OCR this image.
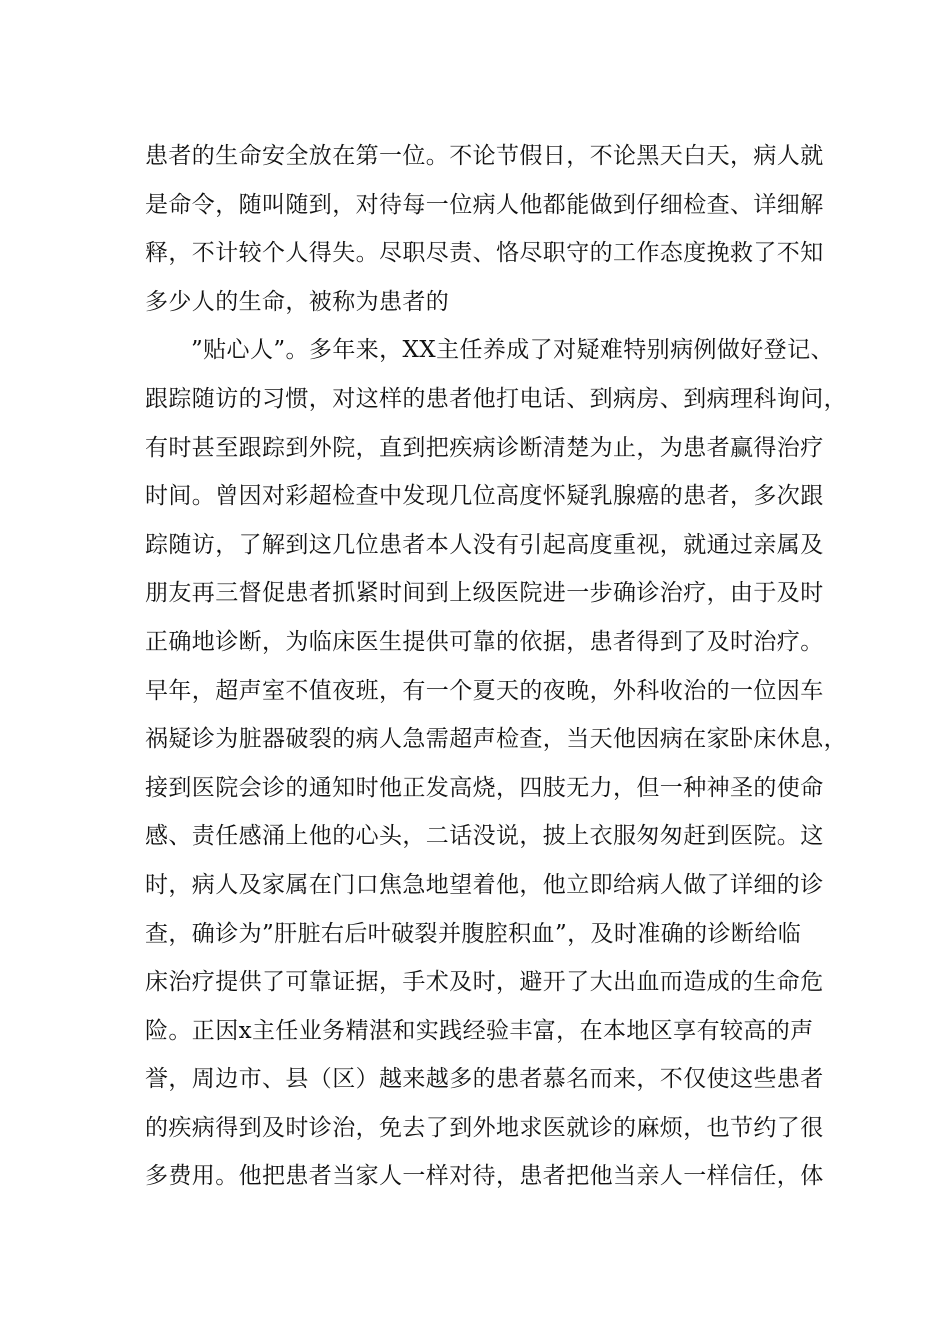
患者的生命安全放在第一位。不论节假日，不论黑天白天，病人就
是命令，随叫随到，对待每一位病人他都能做到仔细检查、详细解
释，不计较个人得失。尽职尽责、恪尽职守的工作态度挽救了不知
多少人的生命，被称为患者的
”贴心人”。多年来，XX主任养成了对疑难特别病例做好登记、
跟踪随访的习惯，对这样的患者他打电话、到病房、到病理科询问，
有时甚至跟踪到外院，直到把疾病诊断清楚为止，为患者赢得治疗
时间。曾因对彩超检查中发现几位高度怀疑乳腺癌的患者，多次跟
踪随访，了解到这几位患者本人没有引起高度重视，就通过亲属及
朋友再三督促患者抓紧时间到上级医院进一步确诊治疗，由于及时
正确地诊断，为临床医生提供可靠的依据，患者得到了及时治疗。
早年，超声室不值夜班，有一个夏天的夜晚，外科收治的一位因车
祸疑诊为脏器破裂的病人急需超声检查，当天他因病在家卧床休息，
接到医院会诊的通知时他正发高烧，四肢无力，但一种神圣的使命
感、责任感涌上他的心头，二话没说，披上衣服匆匆赶到医院。这
时，病人及家属在门口焦急地望着他，他立即给病人做了详细的诊
查，确诊为”肝脏右后叶破裂并腹腔积血”，及时准确的诊断给临
床治疗提供了可靠证据，手术及时，避开了大出血而造成的生命危
险。正因x主任业务精湛和实践经验丰富，在本地区享有较高的声
誉，周边市、县（区）越来越多的患者慕名而来，不仅使这些患者
的疾病得到及时诊治，免去了到外地求医就诊的麻烦，也节约了很
多费用。他把患者当家人一样对待，患者把他当亲人一样信任，体
